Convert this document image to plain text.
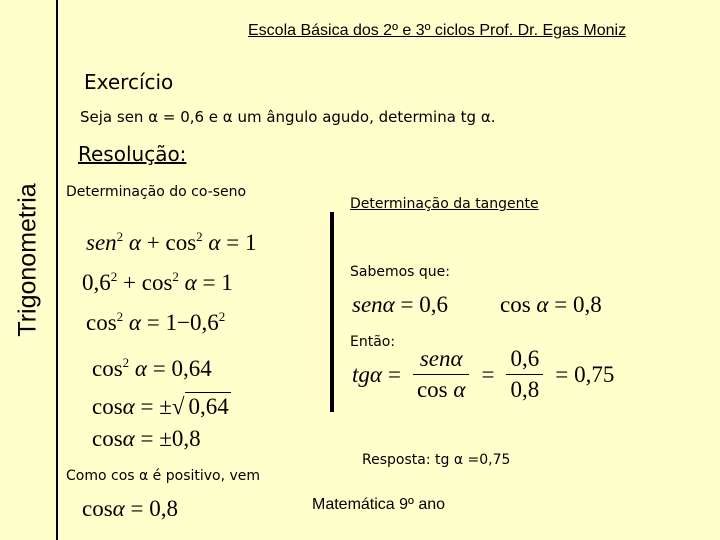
Trigonometria
Escola Básica dos 2º e 3º ciclos Prof. Dr. Egas Moniz
Exercício
Seja sen α = 0,6 e α um ângulo agudo, determina tg α.
Resolução:
Determinação do co-seno
Determinação da tangente
sen$^2$ $\alpha + \cos^2 \alpha = 1$
$0,6^2 + \cos^2 \alpha = 1$
$\cos^2 \alpha = 1-0,6^2$
$\cos^2 \alpha = 0,64$
cosα = ±√ 0,64
cosα = ±0,8
Como cos α é positivo, vem
cosα = 0,8
Sabemos que:
senα = 0,6 cos α = 0,8
Então:
tg $\alpha = \frac{\text{senα}}{\text{cos α}} = \frac{0,6}{0,8} = 0,75$
Resposta: tg α =0,75
Matemática 9º ano
